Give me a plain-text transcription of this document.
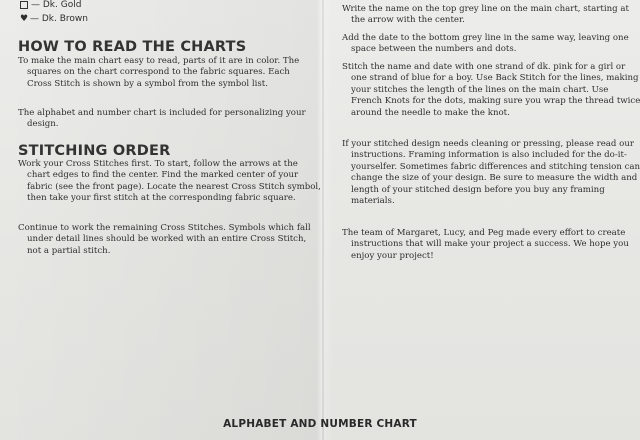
— Dk. Gold
♥ — Dk. Brown
HOW TO READ THE CHARTS

To make the main chart easy to read, parts of it are in color. The squares on the chart correspond to the fabric squares. Each Cross Stitch is shown by a symbol from the symbol list.

The alphabet and number chart is included for personalizing your design.

STITCHING ORDER

Work your Cross Stitches first. To start, follow the arrows at the chart edges to find the center. Find the marked center of your fabric (see the front page). Locate the nearest Cross Stitch symbol, then take your first stitch at the corresponding fabric square.

Continue to work the remaining Cross Stitches. Symbols which fall under detail lines should be worked with an entire Cross Stitch, not a partial stitch.

Write the name on the top grey line on the main chart, starting at the arrow with the center.

Add the date to the bottom grey line in the same way, leaving one space between the numbers and dots.

Stitch the name and date with one strand of dk. pink for a girl or one strand of blue for a boy. Use Back Stitch for the lines, making your stitches the length of the lines on the main chart. Use French Knots for the dots, making sure you wrap the thread twice around the needle to make the knot.

If your stitched design needs cleaning or pressing, please read our instructions. Framing information is also included for the do-it-yourselfer. Sometimes fabric differences and stitching tension can change the size of your design. Be sure to measure the width and length of your stitched design before you buy any framing materials.

The team of Margaret, Lucy, and Peg made every effort to create instructions that will make your project a success. We hope you enjoy your project!

ALPHABET AND NUMBER CHART
